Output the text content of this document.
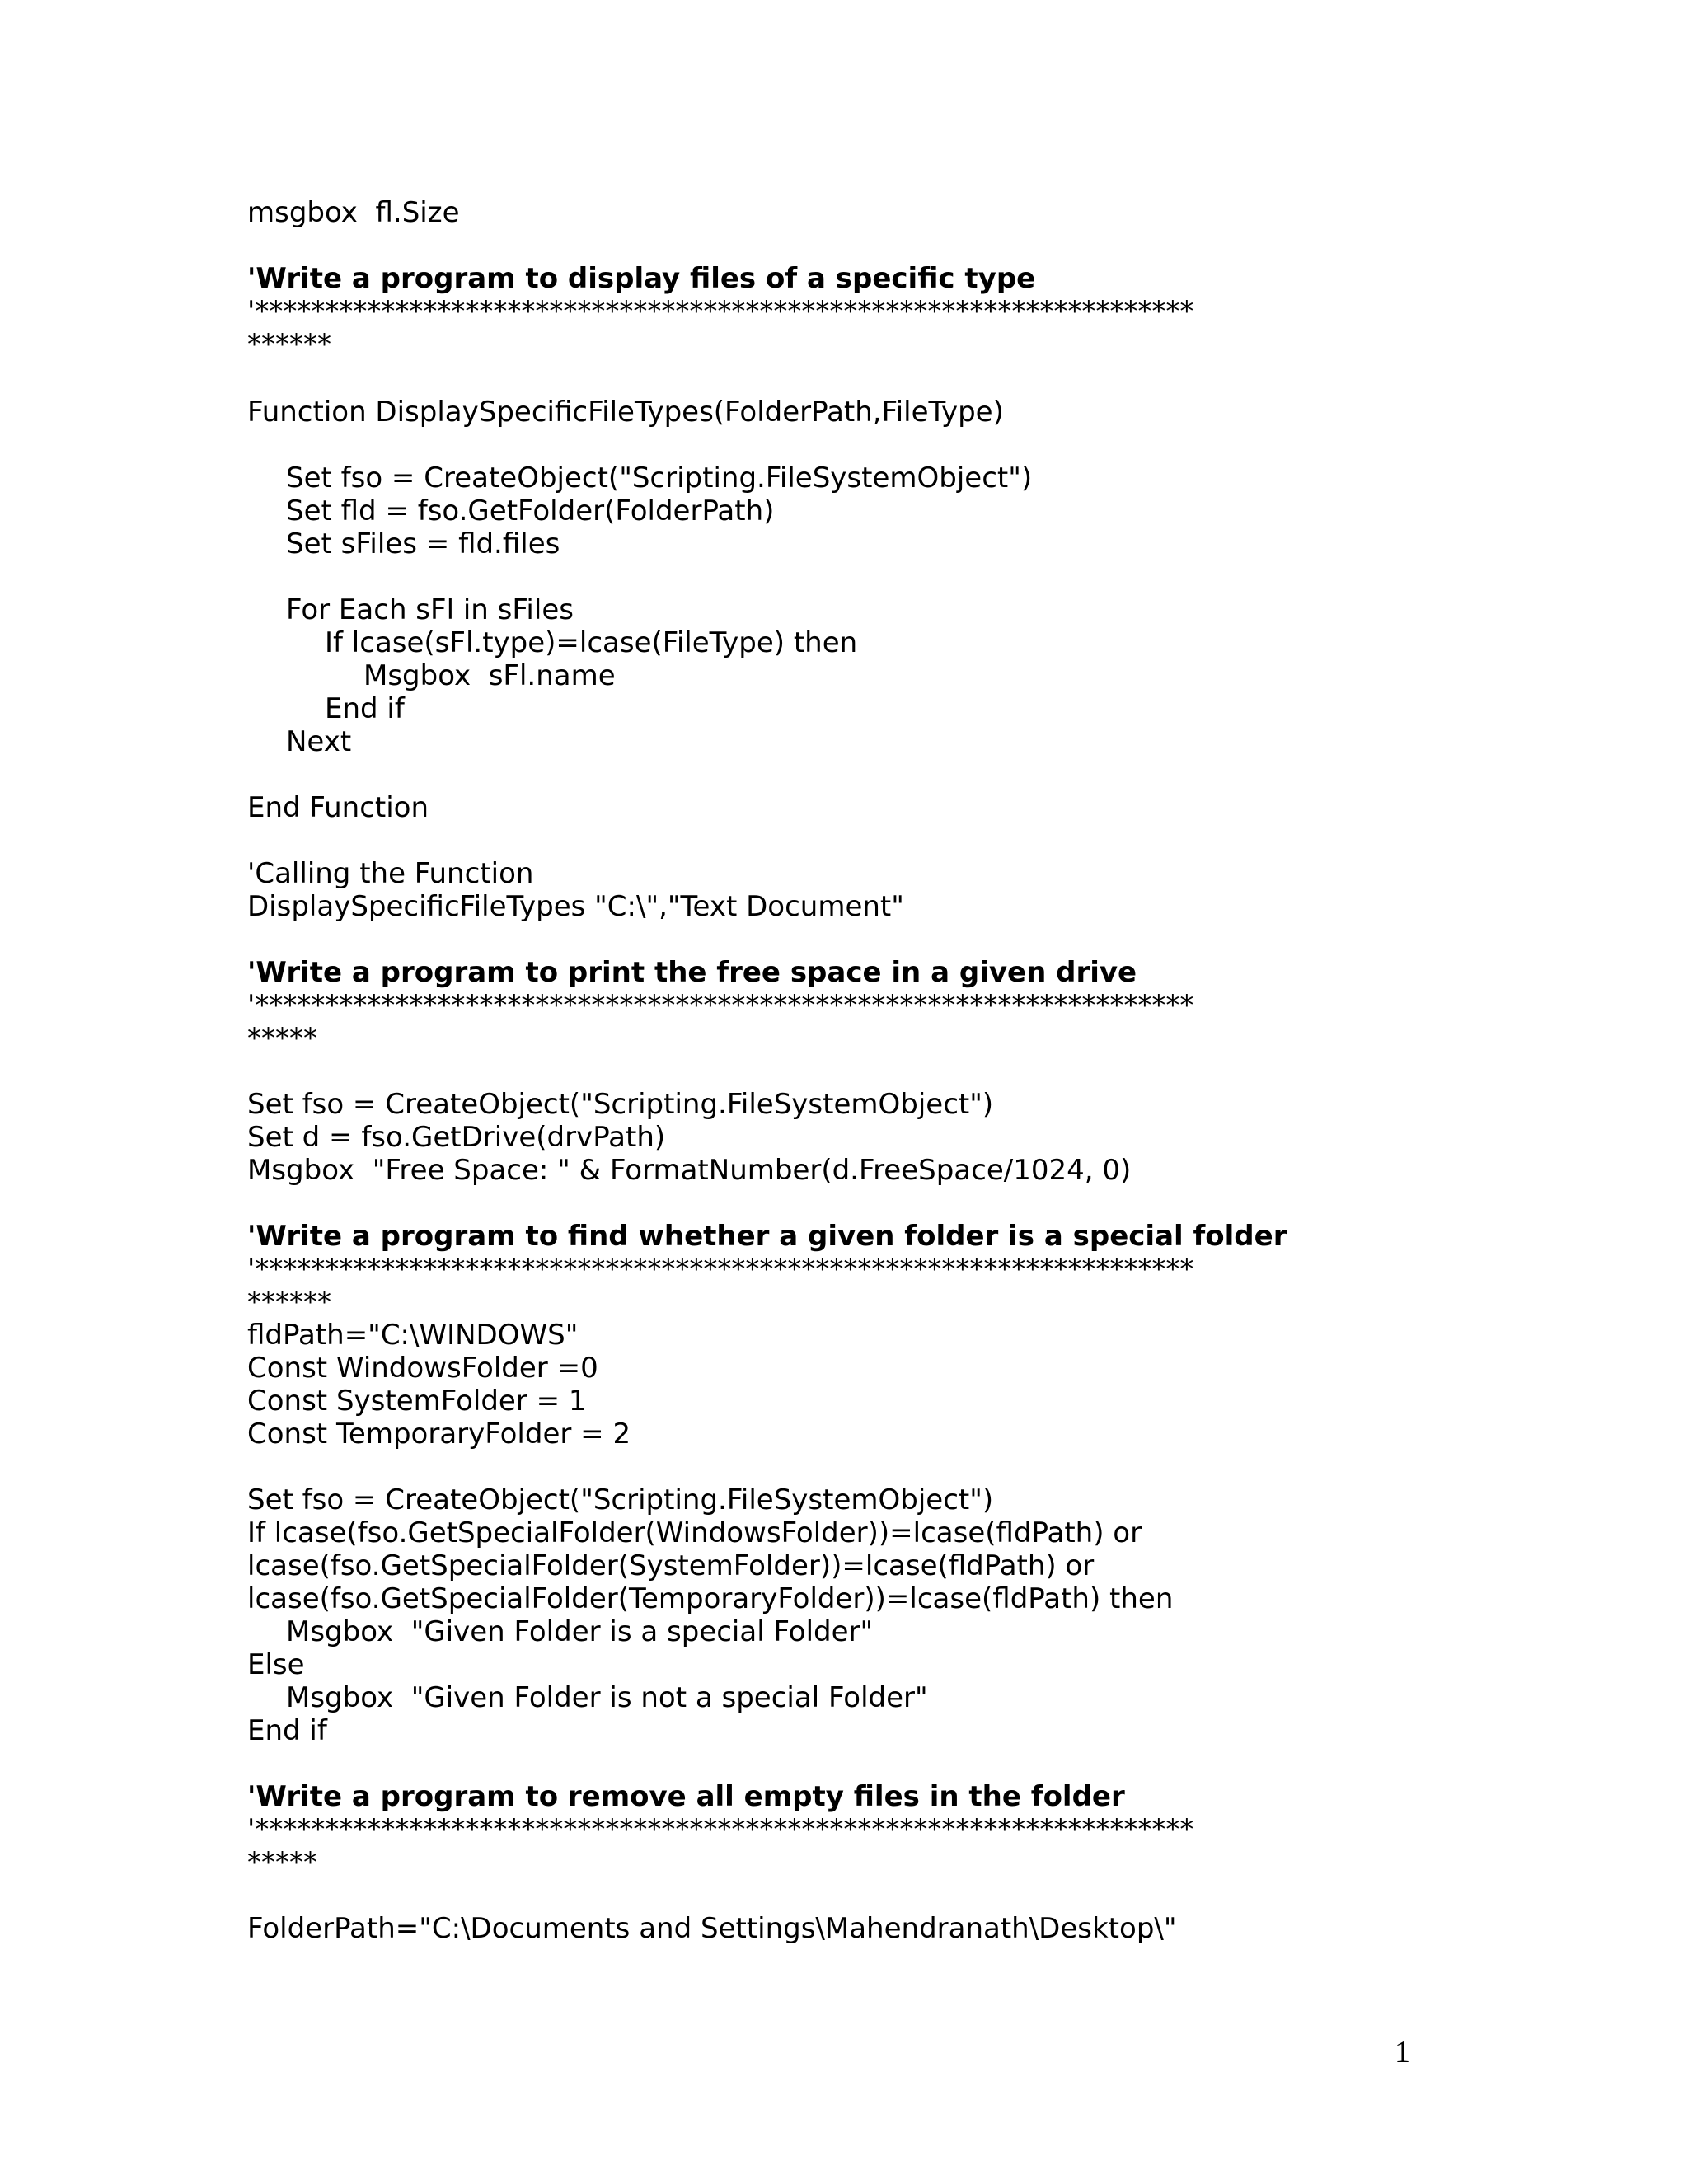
msgbox  fl.Size

'Write a program to display files of a specific type

'*******************************************************************

******

Function DisplaySpecificFileTypes(FolderPath,FileType)

Set fso = CreateObject("Scripting.FileSystemObject")

Set fld = fso.GetFolder(FolderPath)

Set sFiles = fld.files

For Each sFl in sFiles

If lcase(sFl.type)=lcase(FileType) then

Msgbox  sFl.name

End if

Next

End Function

'Calling the Function

DisplaySpecificFileTypes "C:\","Text Document"

'Write a program to print the free space in a given drive

'*******************************************************************

*****

Set fso = CreateObject("Scripting.FileSystemObject")

Set d = fso.GetDrive(drvPath)

Msgbox  "Free Space: " & FormatNumber(d.FreeSpace/1024, 0)

'Write a program to find whether a given folder is a special folder

'*******************************************************************

******

fldPath="C:\WINDOWS"

Const WindowsFolder =0

Const SystemFolder = 1

Const TemporaryFolder = 2

Set fso = CreateObject("Scripting.FileSystemObject")

If lcase(fso.GetSpecialFolder(WindowsFolder))=lcase(fldPath) or

lcase(fso.GetSpecialFolder(SystemFolder))=lcase(fldPath) or

lcase(fso.GetSpecialFolder(TemporaryFolder))=lcase(fldPath) then

Msgbox  "Given Folder is a special Folder"

Else

Msgbox  "Given Folder is not a special Folder"

End if

'Write a program to remove all empty files in the folder

'*******************************************************************

*****

FolderPath="C:\Documents and Settings\Mahendranath\Desktop\"

1
